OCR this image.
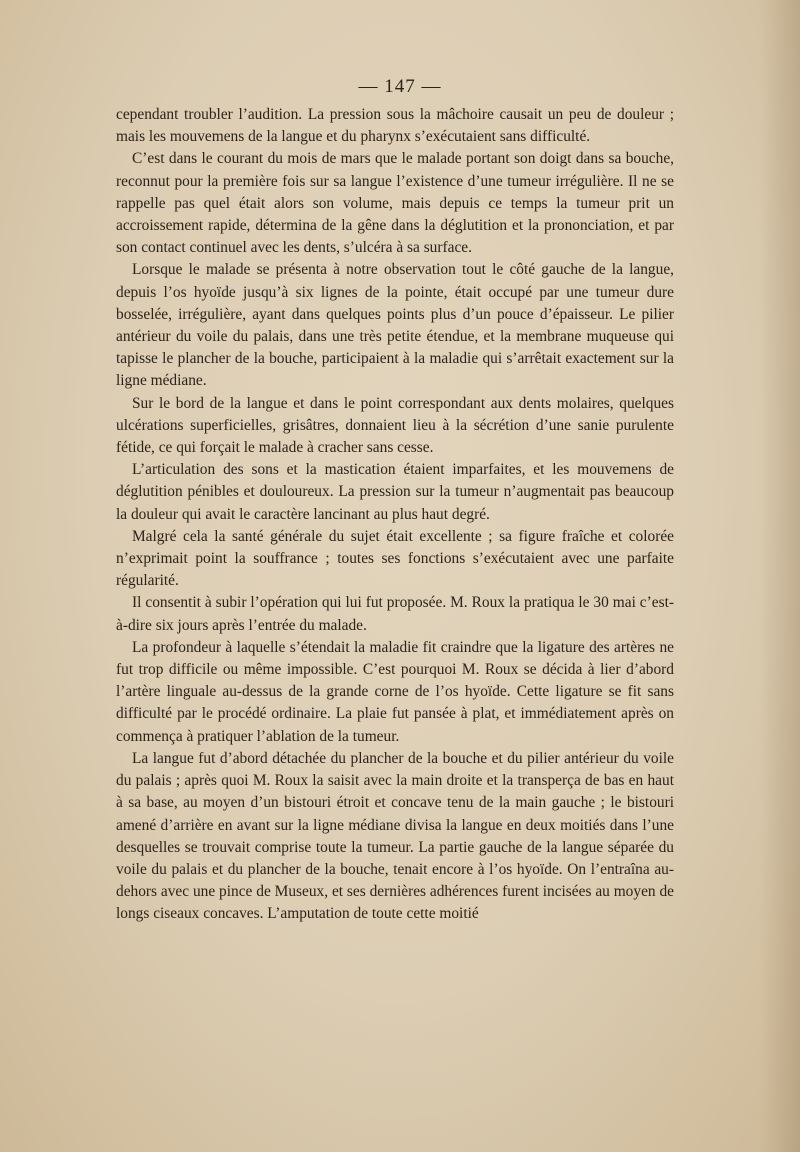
— 147 —

cependant troubler l’audition. La pression sous la mâchoire causait un peu de douleur ; mais les mouvemens de la langue et du pharynx s’exécutaient sans difficulté.

C’est dans le courant du mois de mars que le malade portant son doigt dans sa bouche, reconnut pour la première fois sur sa langue l’existence d’une tumeur irrégulière. Il ne se rappelle pas quel était alors son volume, mais depuis ce temps la tumeur prit un accroissement rapide, détermina de la gêne dans la déglutition et la prononciation, et par son contact continuel avec les dents, s’ulcéra à sa surface.

Lorsque le malade se présenta à notre observation tout le côté gauche de la langue, depuis l’os hyoïde jusqu’à six lignes de la pointe, était occupé par une tumeur dure bosselée, irrégulière, ayant dans quelques points plus d’un pouce d’épaisseur. Le pilier antérieur du voile du palais, dans une très petite étendue, et la membrane muqueuse qui tapisse le plancher de la bouche, participaient à la maladie qui s’arrêtait exactement sur la ligne médiane.

Sur le bord de la langue et dans le point correspondant aux dents molaires, quelques ulcérations superficielles, grisâtres, donnaient lieu à la sécrétion d’une sanie purulente fétide, ce qui forçait le malade à cracher sans cesse.

L’articulation des sons et la mastication étaient imparfaites, et les mouvemens de déglutition pénibles et douloureux. La pression sur la tumeur n’augmentait pas beaucoup la douleur qui avait le caractère lancinant au plus haut degré.

Malgré cela la santé générale du sujet était excellente ; sa figure fraîche et colorée n’exprimait point la souffrance ; toutes ses fonctions s’exécutaient avec une parfaite régularité.

Il consentit à subir l’opération qui lui fut proposée. M. Roux la pratiqua le 30 mai c’est-à-dire six jours après l’entrée du malade.

La profondeur à laquelle s’étendait la maladie fit craindre que la ligature des artères ne fut trop difficile ou même impossible. C’est pourquoi M. Roux se décida à lier d’abord l’artère linguale au-dessus de la grande corne de l’os hyoïde. Cette ligature se fit sans difficulté par le procédé ordinaire. La plaie fut pansée à plat, et immédiatement après on commença à pratiquer l’ablation de la tumeur.

La langue fut d’abord détachée du plancher de la bouche et du pilier antérieur du voile du palais ; après quoi M. Roux la saisit avec la main droite et la transperça de bas en haut à sa base, au moyen d’un bistouri étroit et concave tenu de la main gauche ; le bistouri amené d’arrière en avant sur la ligne médiane divisa la langue en deux moitiés dans l’une desquelles se trouvait comprise toute la tumeur. La partie gauche de la langue séparée du voile du palais et du plancher de la bouche, tenait encore à l’os hyoïde. On l’entraîna au-dehors avec une pince de Museux, et ses dernières adhérences furent incisées au moyen de longs ciseaux concaves. L’amputation de toute cette moitié
